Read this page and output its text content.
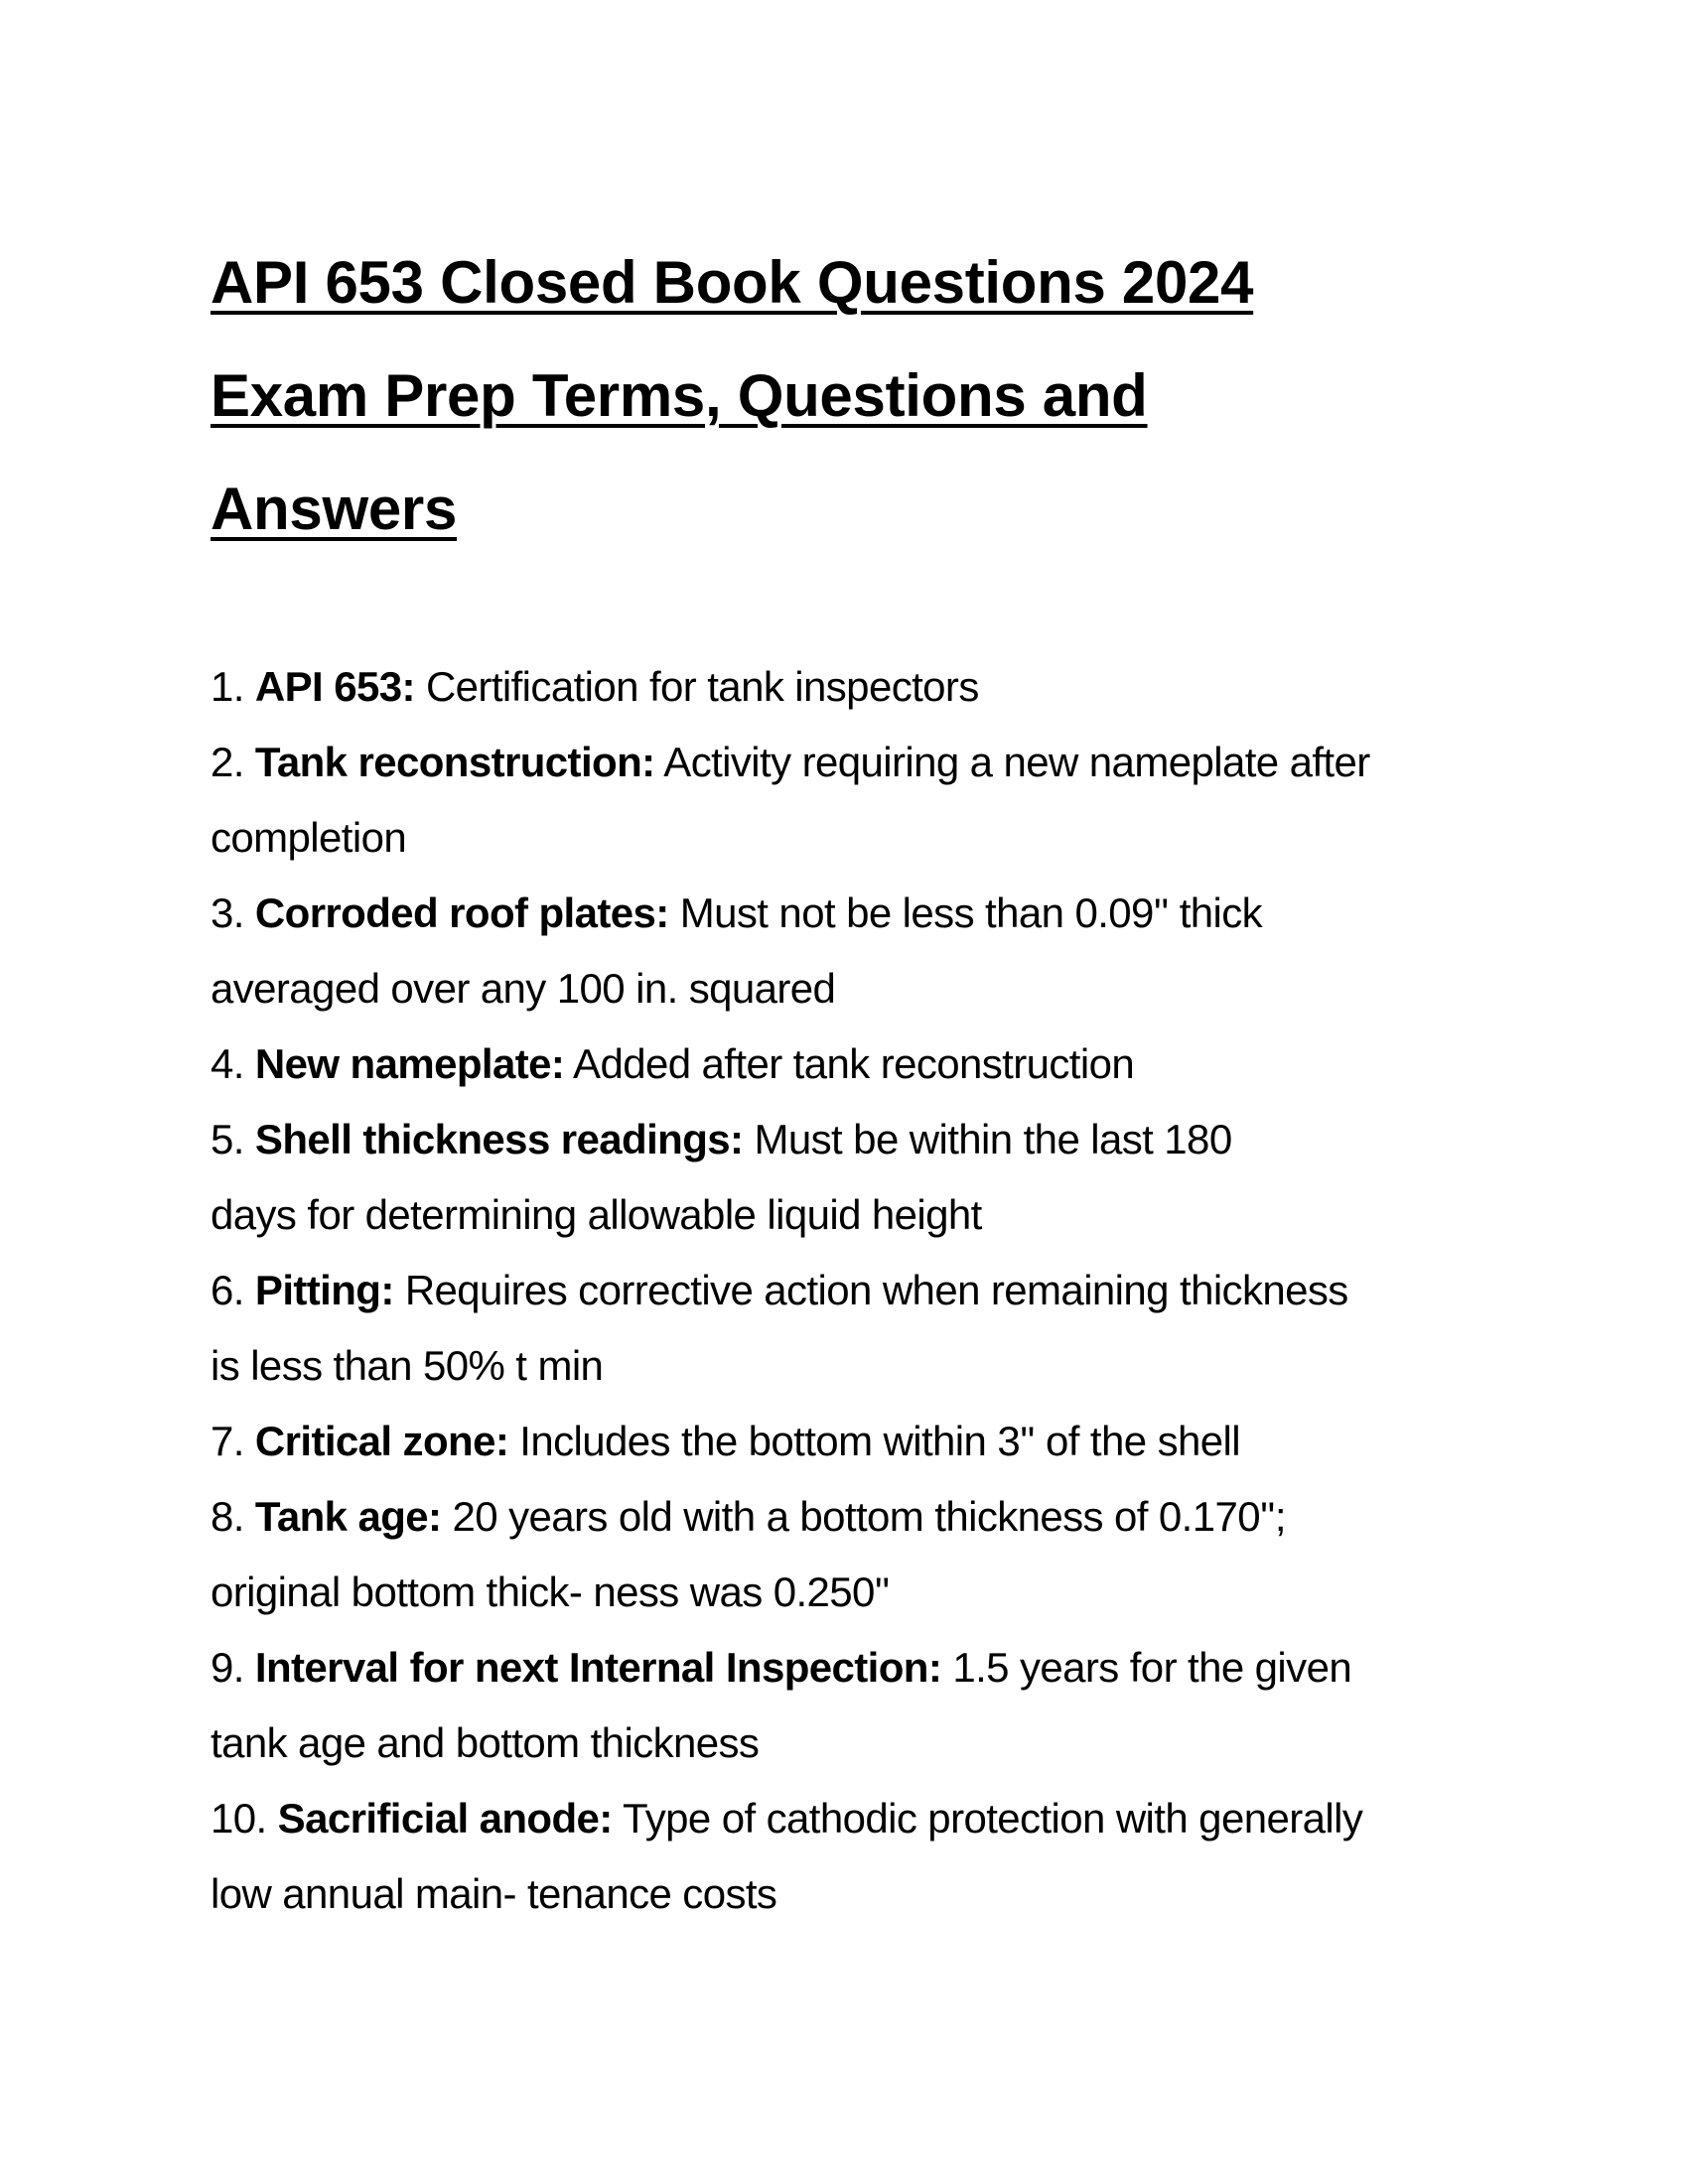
API 653 Closed Book Questions 2024
Exam Prep Terms, Questions and
Answers
1. API 653: Certification for tank inspectors
2. Tank reconstruction: Activity requiring a new nameplate after
completion
3. Corroded roof plates: Must not be less than 0.09'' thick
averaged over any 100 in. squared
4. New nameplate: Added after tank reconstruction
5. Shell thickness readings: Must be within the last 180
days for determining allowable liquid height
6. Pitting: Requires corrective action when remaining thickness
is less than 50% t min
7. Critical zone: Includes the bottom within 3'' of the shell
8. Tank age: 20 years old with a bottom thickness of 0.170'';
original bottom thick- ness was 0.250''
9. Interval for next Internal Inspection: 1.5 years for the given
tank age and bottom thickness
10. Sacrificial anode: Type of cathodic protection with generally
low annual main- tenance costs
